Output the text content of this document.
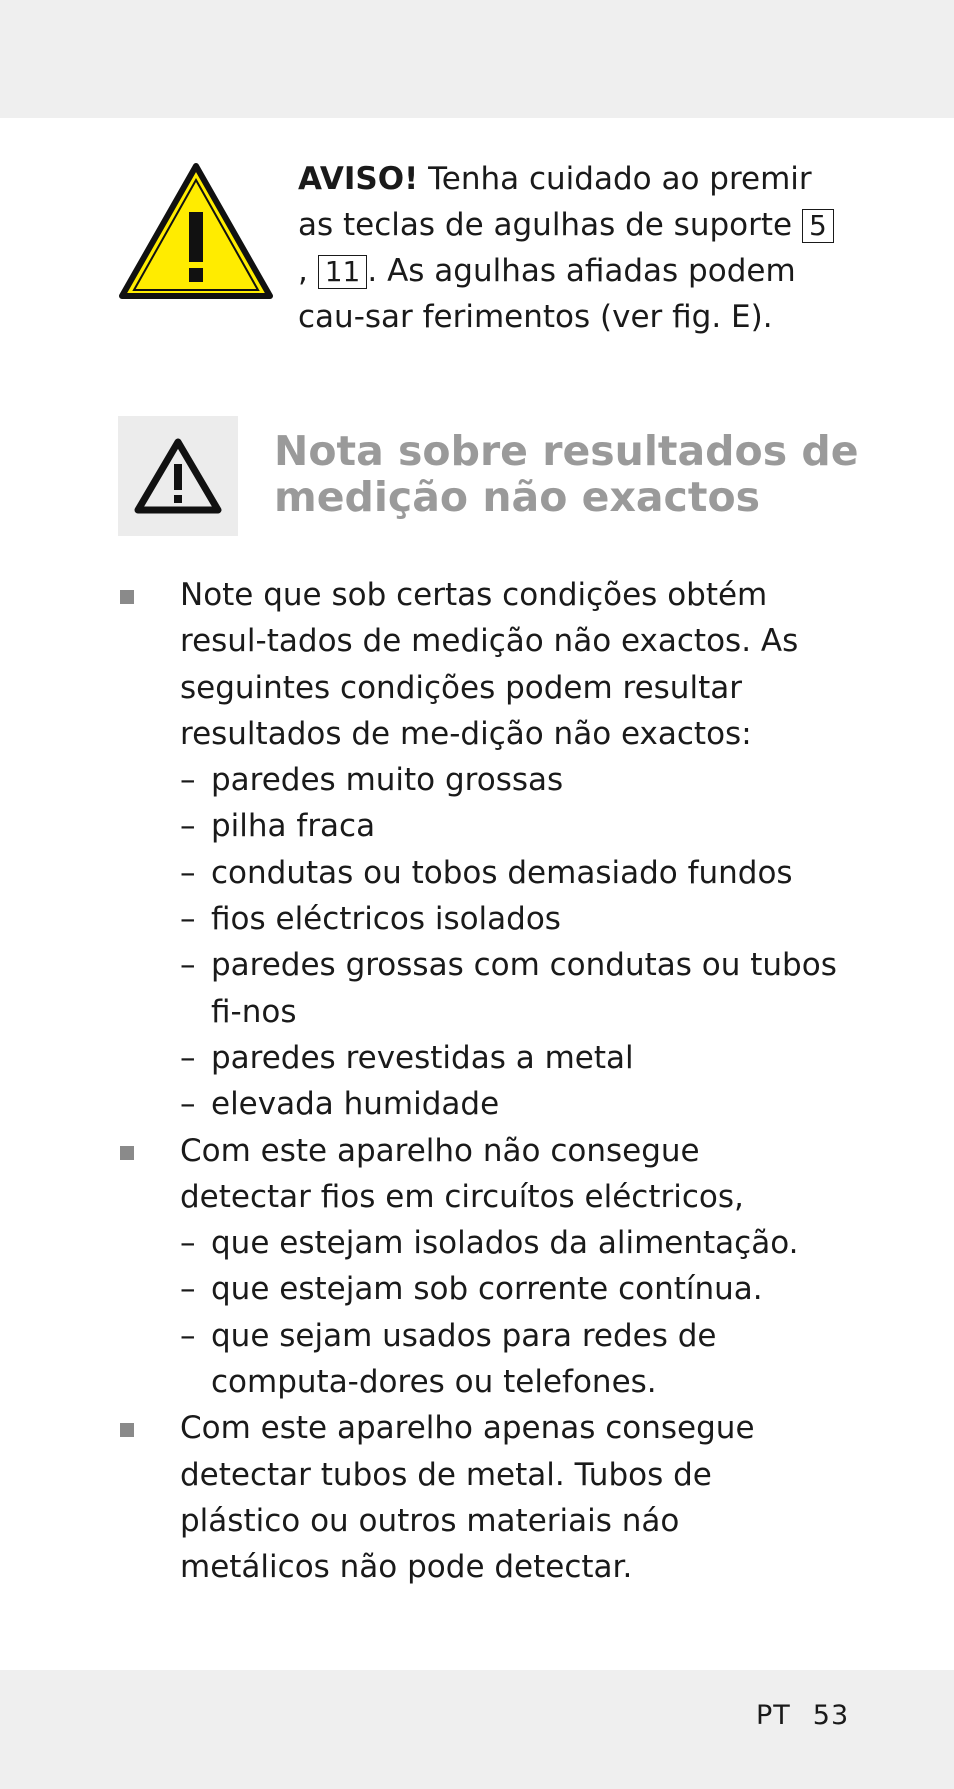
AVISO! Tenha cuidado ao premir as teclas de agulhas de suporte 5, 11 . As agulhas afiadas podem cau-sar ferimentos (ver fig. E).
Nota sobre resultados de
medição não exactos
Note que sob certas condições obtém resul-tados de medição não exactos. As seguintes condições podem resultar resultados de me-dição não exactos:
– paredes muito grossas
– pilha fraca
– condutas ou tobos demasiado fundos
– fios eléctricos isolados
– paredes grossas com condutas ou tubos fi-nos
– paredes revestidas a metal
– elevada humidade
Com este aparelho não consegue detectar fios em circuítos eléctricos,
– que estejam isolados da alimentação.
– que estejam sob corrente contínua.
– que sejam usados para redes de computa-dores ou telefones.
Com este aparelho apenas consegue detectar tubos de metal. Tubos de plástico ou outros materiais náo metálicos não pode detectar.
PT 53
